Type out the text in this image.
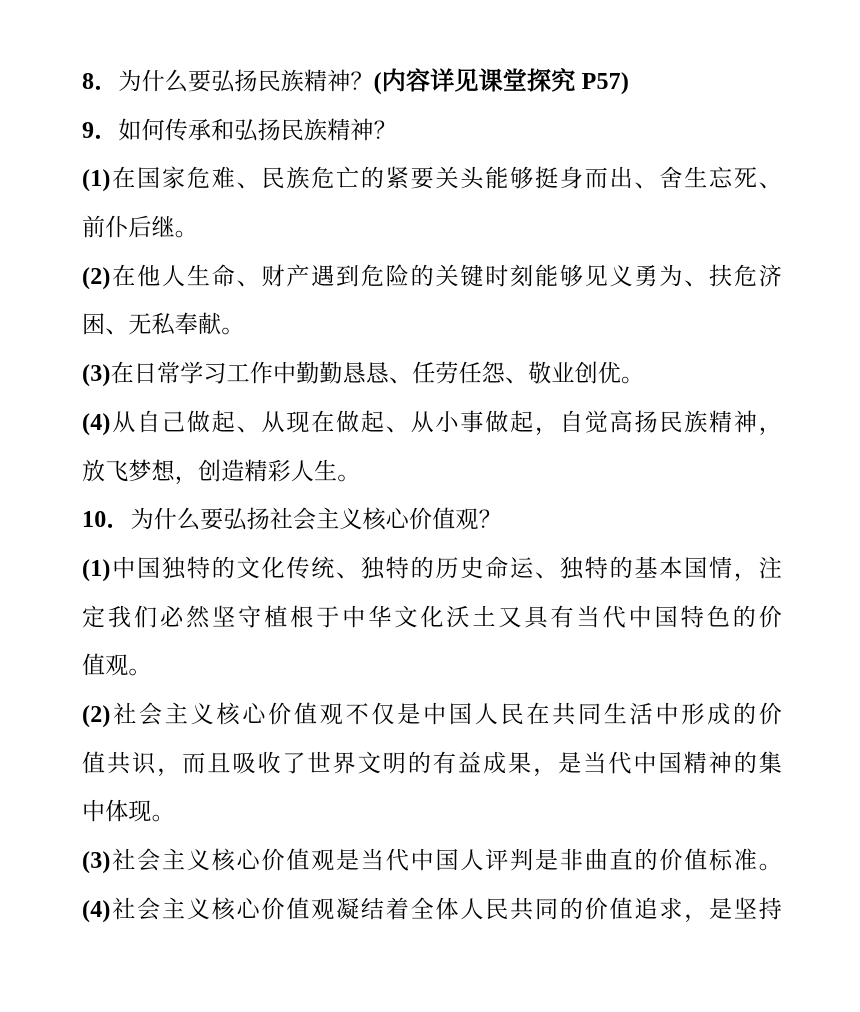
8．为什么要弘扬民族精神？(内容详见课堂探究 P57)
9．如何传承和弘扬民族精神？
(1)在国家危难、民族危亡的紧要关头能够挺身而出、舍生忘死、
前仆后继。
(2)在他人生命、财产遇到危险的关键时刻能够见义勇为、扶危济
困、无私奉献。
(3)在日常学习工作中勤勤恳恳、任劳任怨、敬业创优。
(4)从自己做起、从现在做起、从小事做起，自觉高扬民族精神，
放飞梦想，创造精彩人生。
10．为什么要弘扬社会主义核心价值观？
(1)中国独特的文化传统、独特的历史命运、独特的基本国情，注
定我们必然坚守植根于中华文化沃土又具有当代中国特色的价
值观。
(2)社会主义核心价值观不仅是中国人民在共同生活中形成的价
值共识，而且吸收了世界文明的有益成果，是当代中国精神的集
中体现。
(3)社会主义核心价值观是当代中国人评判是非曲直的价值标准。
(4)社会主义核心价值观凝结着全体人民共同的价值追求，是坚持
